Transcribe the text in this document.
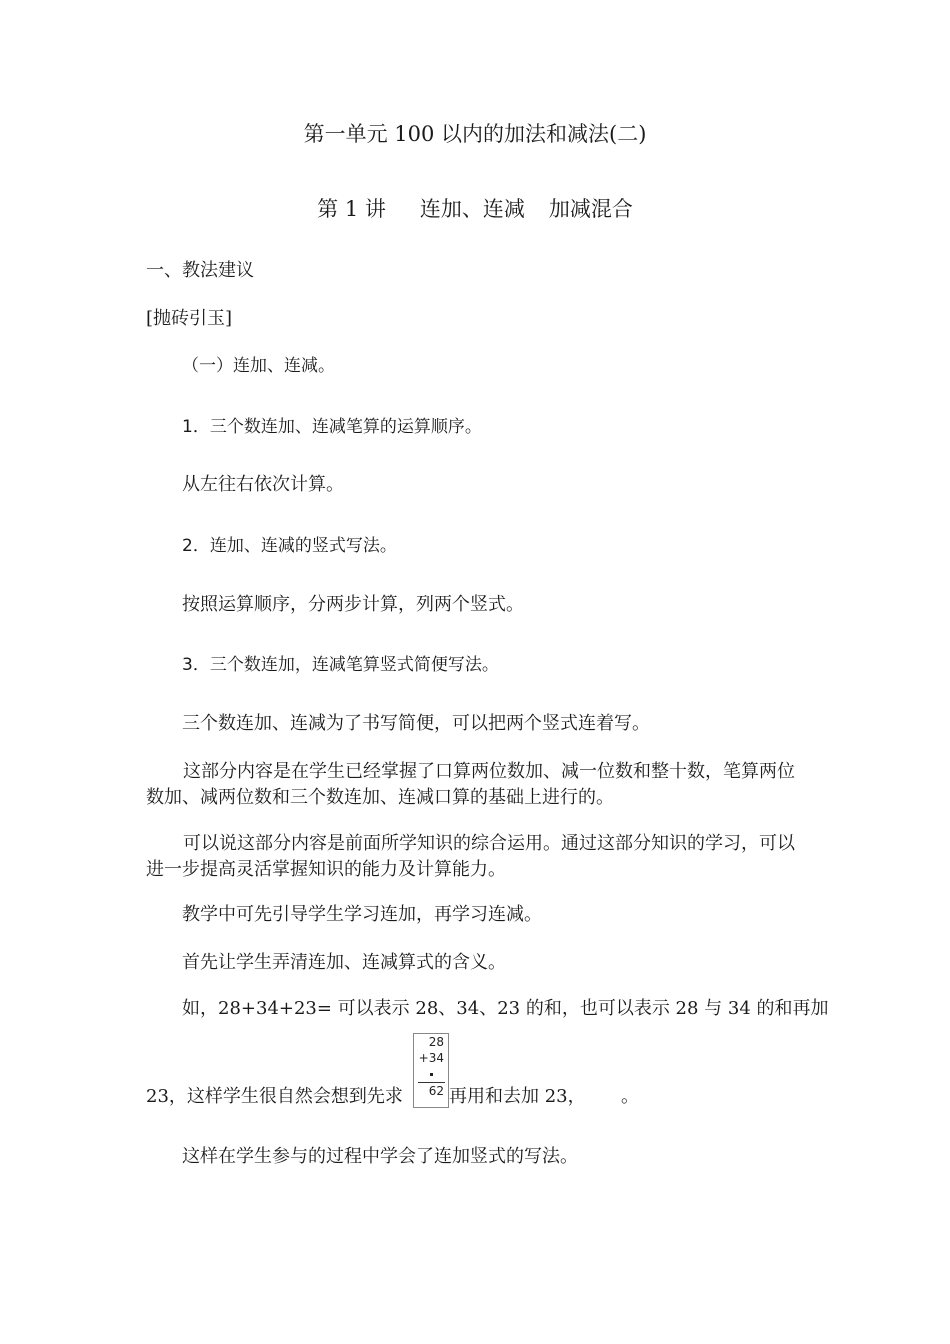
第一单元 100 以内的加法和减法(二)
第 1 讲 连加、连减 加减混合
一、教法建议
[抛砖引玉]
（一）连加、连减。
1．三个数连加、连减笔算的运算顺序。
从左往右依次计算。
2．连加、连减的竖式写法。
按照运算顺序，分两步计算，列两个竖式。
3．三个数连加，连减笔算竖式简便写法。
三个数连加、连减为了书写简便，可以把两个竖式连着写。
这部分内容是在学生已经掌握了口算两位数加、减一位数和整十数，笔算两位数加、减两位数和三个数连加、连减口算的基础上进行的。
可以说这部分内容是前面所学知识的综合运用。通过这部分知识的学习，可以进一步提高灵活掌握知识的能力及计算能力。
教学中可先引导学生学习连加，再学习连减。
首先让学生弄清连加、连减算式的含义。
如，28+34+23= 可以表示 28、34、23 的和，也可以表示 28 与 34 的和再加
23，这样学生很自然会想到先求	再用和去加 23， 。
28
+34
62
这样在学生参与的过程中学会了连加竖式的写法。
